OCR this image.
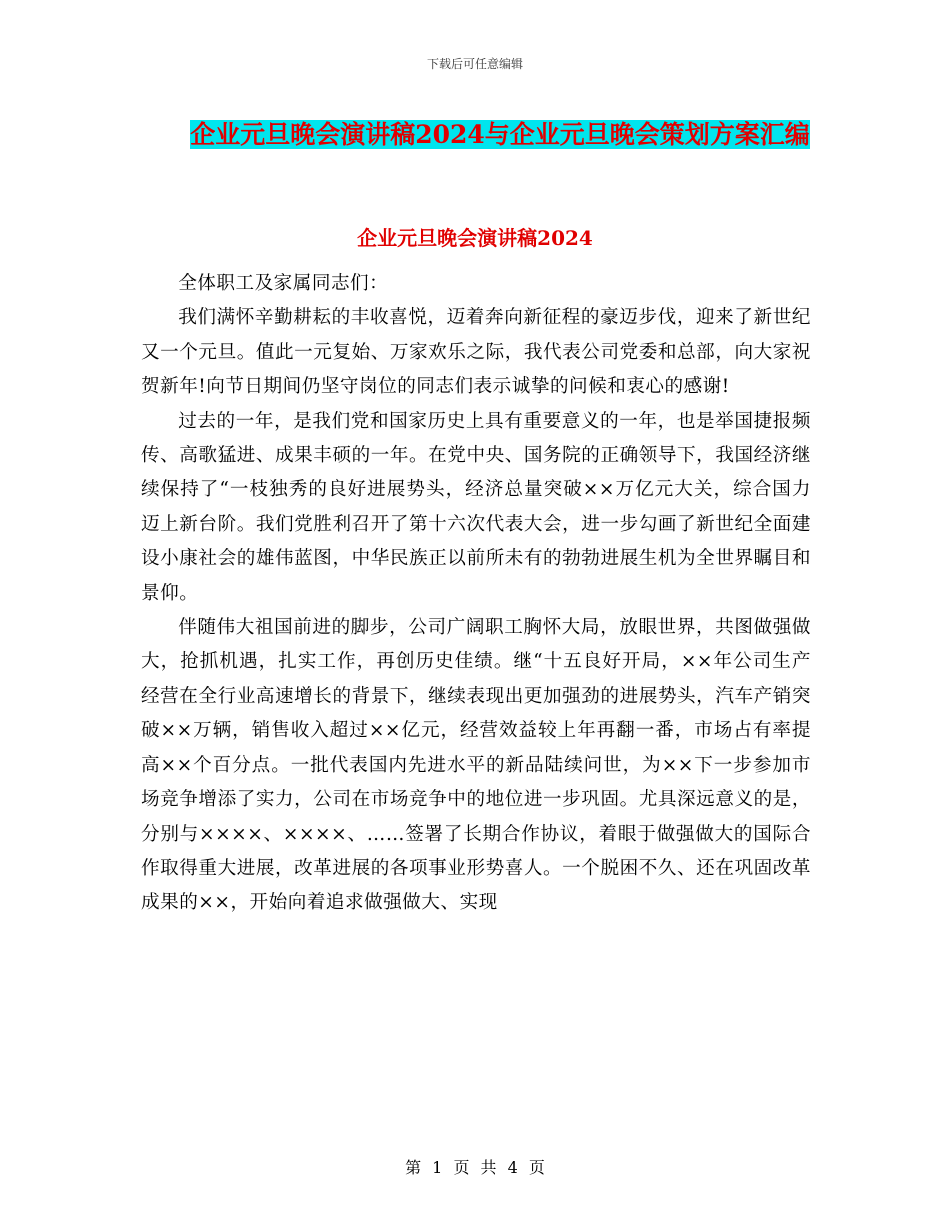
下载后可任意编辑
企业元旦晚会演讲稿2024与企业元旦晚会策划方案汇编
企业元旦晚会演讲稿2024

全体职工及家属同志们：

我们满怀辛勤耕耘的丰收喜悦，迈着奔向新征程的豪迈步伐，迎来了新世纪又一个元旦。值此一元复始、万家欢乐之际，我代表公司党委和总部，向大家祝贺新年!向节日期间仍坚守岗位的同志们表示诚挚的问候和衷心的感谢!

过去的一年，是我们党和国家历史上具有重要意义的一年，也是举国捷报频传、高歌猛进、成果丰硕的一年。在党中央、国务院的正确领导下，我国经济继续保持了“一枝独秀的良好进展势头，经济总量突破××万亿元大关，综合国力迈上新台阶。我们党胜利召开了第十六次代表大会，进一步勾画了新世纪全面建设小康社会的雄伟蓝图，中华民族正以前所未有的勃勃进展生机为全世界瞩目和景仰。

伴随伟大祖国前进的脚步，公司广阔职工胸怀大局，放眼世界，共图做强做大，抢抓机遇，扎实工作，再创历史佳绩。继“十五良好开局，××年公司生产经营在全行业高速增长的背景下，继续表现出更加强劲的进展势头，汽车产销突破××万辆，销售收入超过××亿元，经营效益较上年再翻一番，市场占有率提高××个百分点。一批代表国内先进水平的新品陆续问世，为××下一步参加市场竞争增添了实力，公司在市场竞争中的地位进一步巩固。尤具深远意义的是，分别与××××、××××、……签署了长期合作协议，着眼于做强做大的国际合作取得重大进展，改革进展的各项事业形势喜人。一个脱困不久、还在巩固改革成果的××，开始向着追求做强做大、实现

第 1 页 共 4 页
